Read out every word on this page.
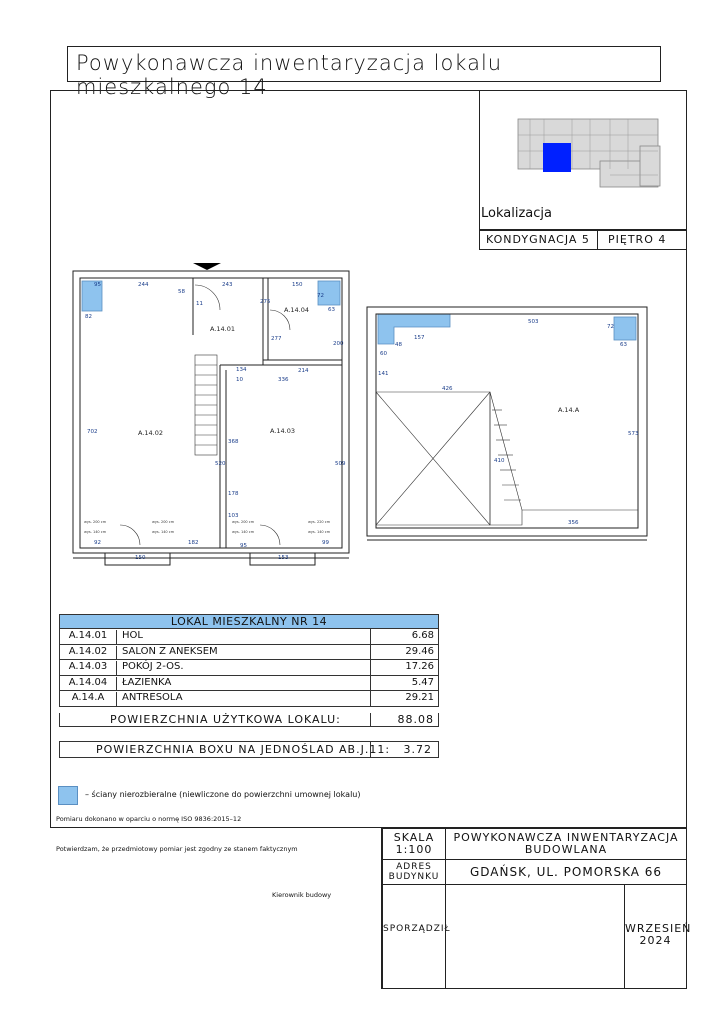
Powykonawcza inwentaryzacja lokalu mieszkalnego 14
Lokalizacja
KONDYGNACJA 5	PIĘTRO 4
A.14.01
A.14.02	A.14.03
A.14.04
95	244
58
243	150
72
63
82
11	275
277
200
214
134
336
10
702
368
520	509
178
103
92
150
182	95	99
153
wys. 200 cm
wys. 140 cm
wys. 200 cm
wys. 140 cm
wys. 200 cm
wys. 140 cm
wys. 220 cm
wys. 140 cm
A.14.A
503
157
60
48
72
63
141
426
410
573
356
LOKAL MIESZKALNY NR 14
A.14.01	HOL	6.68
A.14.02	SALON Z ANEKSEM	29.46
A.14.03	POKÓJ 2-OS.	17.26
A.14.04	ŁAZIENKA	5.47
A.14.A	ANTRESOLA	29.21
POWIERZCHNIA UŻYTKOWA LOKALU:	88.08
POWIERZCHNIA BOXU NA JEDNOŚLAD AB.J.11: 3.72
– ściany nierozbieralne (niewliczone do powierzchni umownej lokalu)
Pomiaru dokonano w oparciu o normę ISO 9836:2015–12
Potwierdzam, że przedmiotowy pomiar jest zgodny ze stanem faktycznym
Kierownik budowy
SKALA
1:100
POWYKONAWCZA INWENTARYZACJA
BUDOWLANA
ADRES
BUDYNKU	GDAŃSK, UL. POMORSKA 66
SPORZĄDZIŁ	WRZESIEŃ
2024
